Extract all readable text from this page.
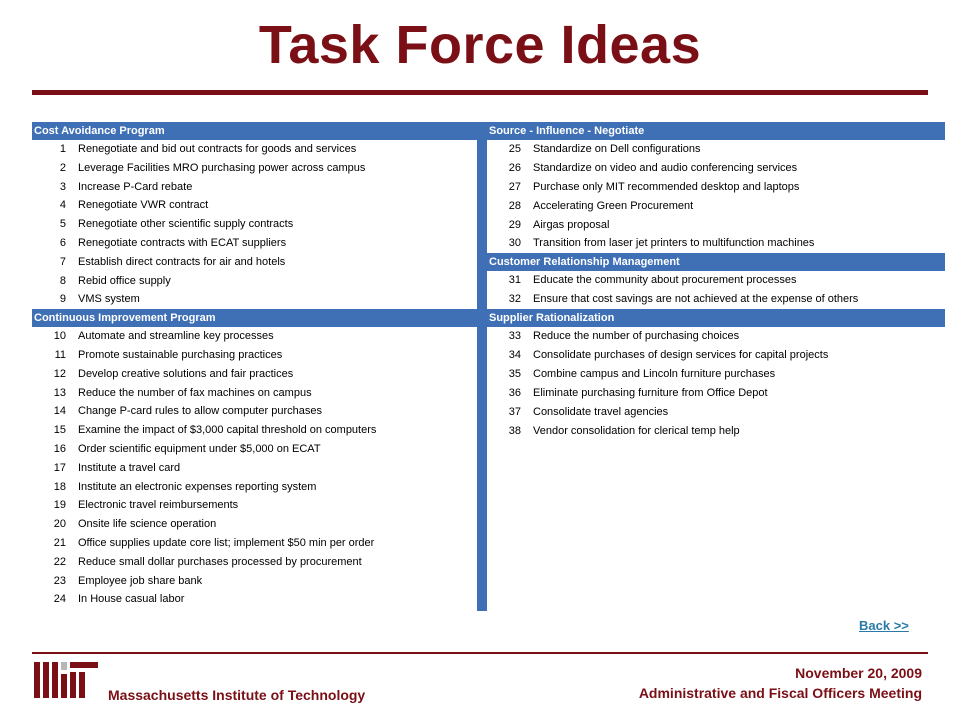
Task Force Ideas
Cost Avoidance Program
1	Renegotiate and bid out contracts for goods and services
2	Leverage Facilities MRO purchasing power across campus
3	Increase P-Card rebate
4	Renegotiate VWR contract
5	Renegotiate other scientific supply contracts
6	Renegotiate contracts with ECAT suppliers
7	Establish direct contracts for air and hotels
8	Rebid office supply
9	VMS system
Continuous Improvement Program
10	Automate and streamline key processes
11	Promote sustainable purchasing practices
12	Develop creative solutions and fair practices
13	Reduce the number of fax machines on campus
14	Change P-card rules to allow computer purchases
15	Examine the impact of $3,000 capital threshold on computers
16	Order scientific equipment under $5,000 on ECAT
17	Institute a travel card
18	Institute an electronic expenses reporting system
19	Electronic travel reimbursements
20	Onsite life science operation
21	Office supplies update core list; implement $50 min per order
22	Reduce small dollar purchases processed by procurement
23	Employee job share bank
24	In House casual labor
Source - Influence - Negotiate
25	Standardize on Dell configurations
26	Standardize on video and audio conferencing services
27	Purchase only MIT recommended desktop and laptops
28	Accelerating Green Procurement
29	Airgas proposal
30	Transition from laser jet printers to multifunction machines
Customer Relationship Management
31	Educate the community about procurement processes
32	Ensure that cost savings are not achieved at the expense of others
Supplier Rationalization
33	Reduce the number of purchasing choices
34	Consolidate purchases of design services for capital projects
35	Combine campus and Lincoln furniture purchases
36	Eliminate purchasing furniture from Office Depot
37	Consolidate travel agencies
38	Vendor consolidation for clerical temp help
Back >>
Massachusetts Institute of Technology
November 20, 2009
Administrative and Fiscal Officers Meeting
